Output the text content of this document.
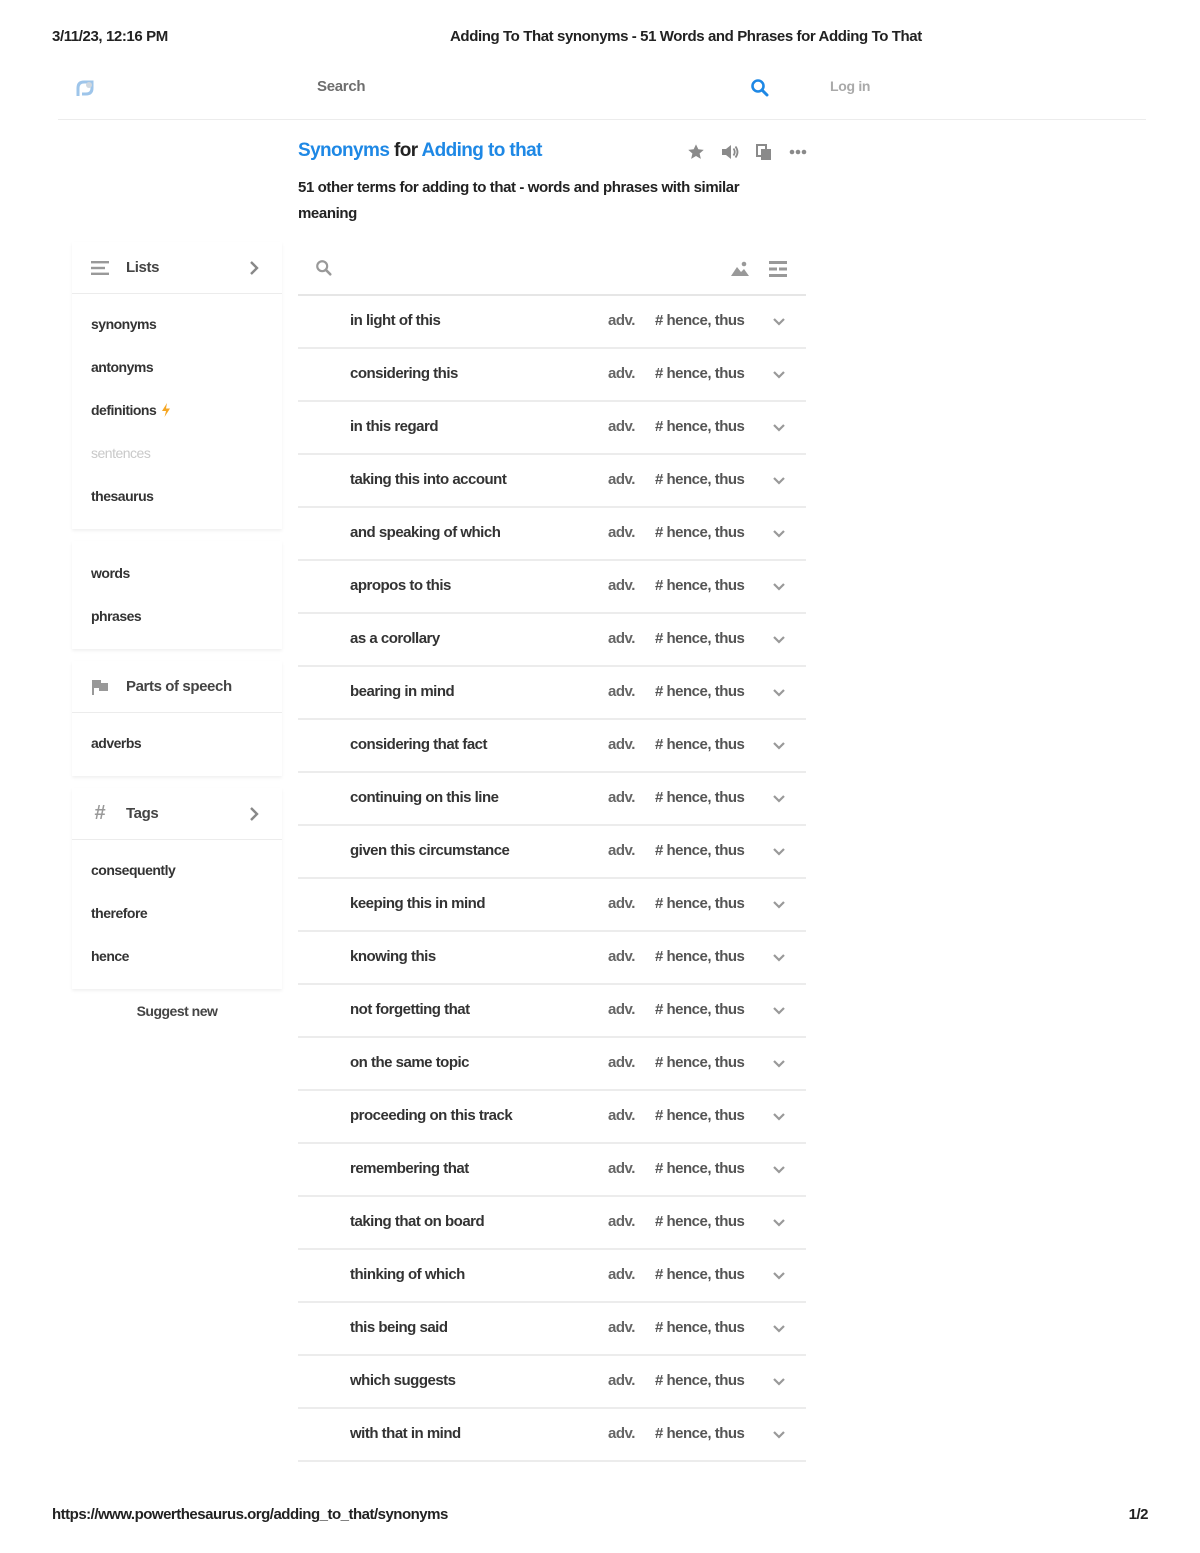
3/11/23, 12:16 PM	Adding To That synonyms - 51 Words and Phrases for Adding To That
Search	Log in
Synonyms for Adding to that

51 other terms for adding to that - words and phrases with similar meaning

Lists
synonyms
antonyms
definitions
sentences
thesaurus
words
phrases
Parts of speech
adverbs
# Tags
consequently
therefore
hence
Suggest new
in light of this	adv. # hence, thus
considering this	adv. # hence, thus
in this regard	adv. # hence, thus
taking this into account	adv. # hence, thus
and speaking of which	adv. # hence, thus
apropos to this	adv. # hence, thus
as a corollary	adv. # hence, thus
bearing in mind	adv. # hence, thus
considering that fact	adv. # hence, thus
continuing on this line	adv. # hence, thus
given this circumstance	adv. # hence, thus
keeping this in mind	adv. # hence, thus
knowing this	adv. # hence, thus
not forgetting that	adv. # hence, thus
on the same topic	adv. # hence, thus
proceeding on this track	adv. # hence, thus
remembering that	adv. # hence, thus
taking that on board	adv. # hence, thus
thinking of which	adv. # hence, thus
this being said	adv. # hence, thus
which suggests	adv. # hence, thus
with that in mind	adv. # hence, thus
https://www.powerthesaurus.org/adding_to_that/synonyms	1/2
